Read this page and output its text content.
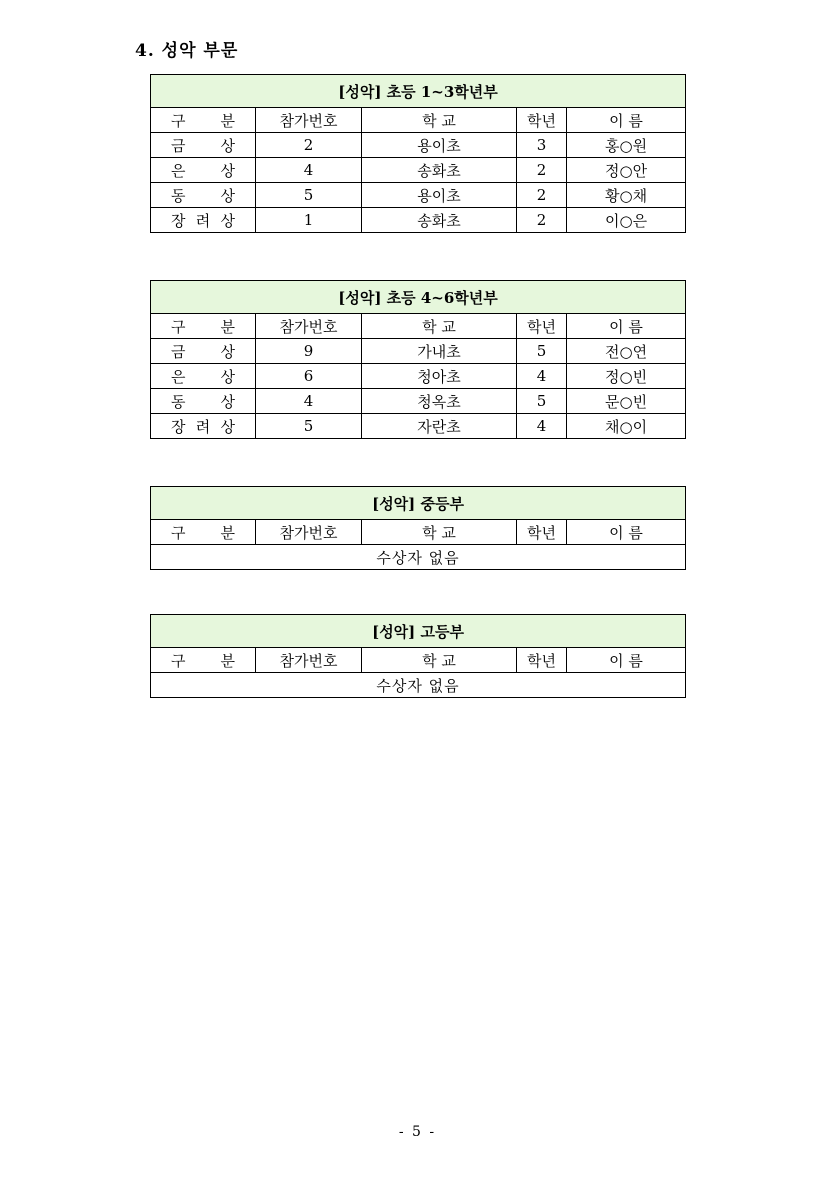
4. 성악 부문
[성악] 초등 1~3학년부				
구 분	참가번호	학 교	학년	이 름
금 상	2	용이초	3	홍○원
은 상	4	송화초	2	정○안
동 상	5	용이초	2	황○채
장 려 상	1	송화초	2	이○은
[성악] 초등 4~6학년부				
구 분	참가번호	학 교	학년	이 름
금 상	9	가내초	5	전○연
은 상	6	청아초	4	정○빈
동 상	4	청옥초	5	문○빈
장 려 상	5	자란초	4	채○이
[성악] 중등부
구 분	참가번호	학 교	학년	이 름
수상자 없음
[성악] 고등부
구 분	참가번호	학 교	학년	이 름
수상자 없음
- 5 -
